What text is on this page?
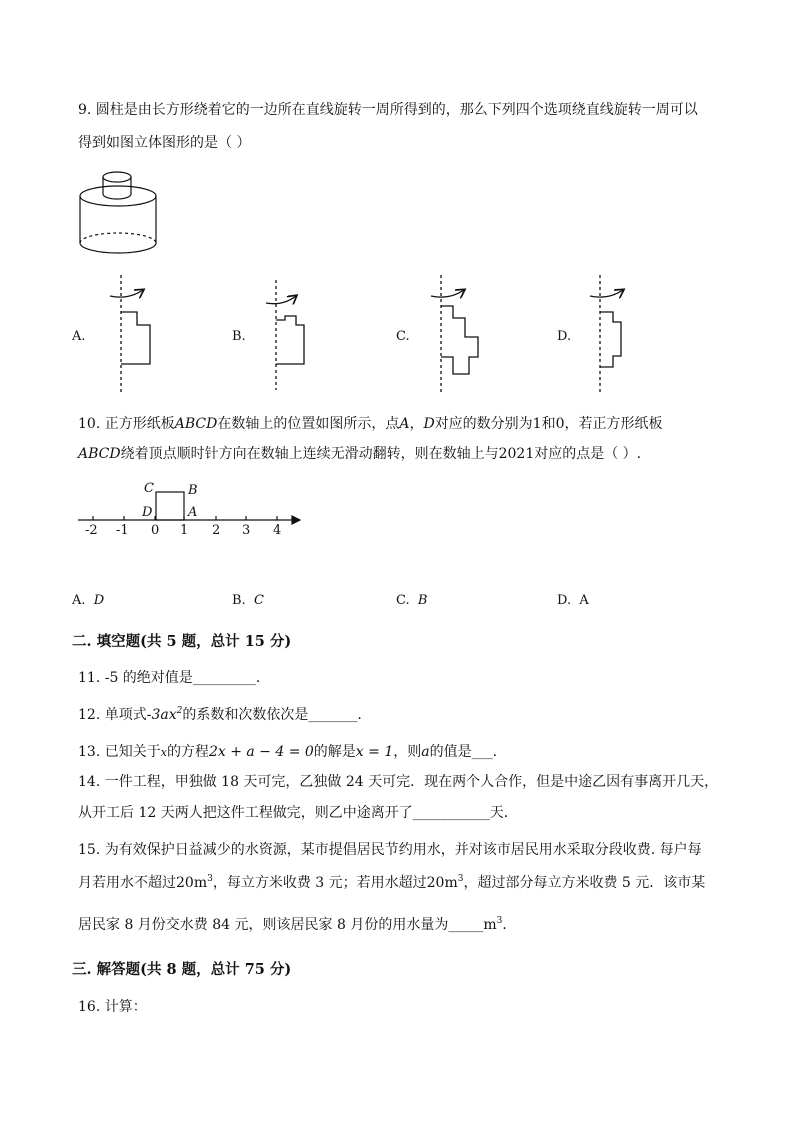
9. 圆柱是由长方形绕着它的一边所在直线旋转一周所得到的，那么下列四个选项绕直线旋转一周可以
得到如图立体图形的是（ ）
A.	B.	C.	D.
10. 正方形纸板ABCD在数轴上的位置如图所示，点A，D对应的数分别为1和0，若正方形纸板
ABCD绕着顶点顺时针方向在数轴上连续无滑动翻转，则在数轴上与2021对应的点是（ ）.
C	B
D	A
-2 -1 0 1 2 3 4
A. D	B. C	C. B	D. A
二. 填空题(共 5 题，总计 15 分)
11. -5 的绝对值是_________.
12. 单项式$-3ax^2$的系数和次数依次是_______.
13. 已知关于x的方程2x + a − 4 = 0的解是x = 1，则a的值是___.
14. 一件工程，甲独做 18 天可完，乙独做 24 天可完．现在两个人合作，但是中途乙因有事离开几天，
从开工后 12 天两人把这件工程做完，则乙中途离开了___________天．
15. 为有效保护日益减少的水资源，某市提倡居民节约用水，并对该市居民用水采取分段收费. 每户每
月若用水不超过$20m^3$，每立方米收费 3 元；若用水超过$20m^3$，超过部分每立方米收费 5 元．该市某
居民家 8 月份交水费 84 元，则该居民家 8 月份的用水量为$\_\_\_\_\_m^3$．
三. 解答题(共 8 题，总计 75 分)
16. 计算：
